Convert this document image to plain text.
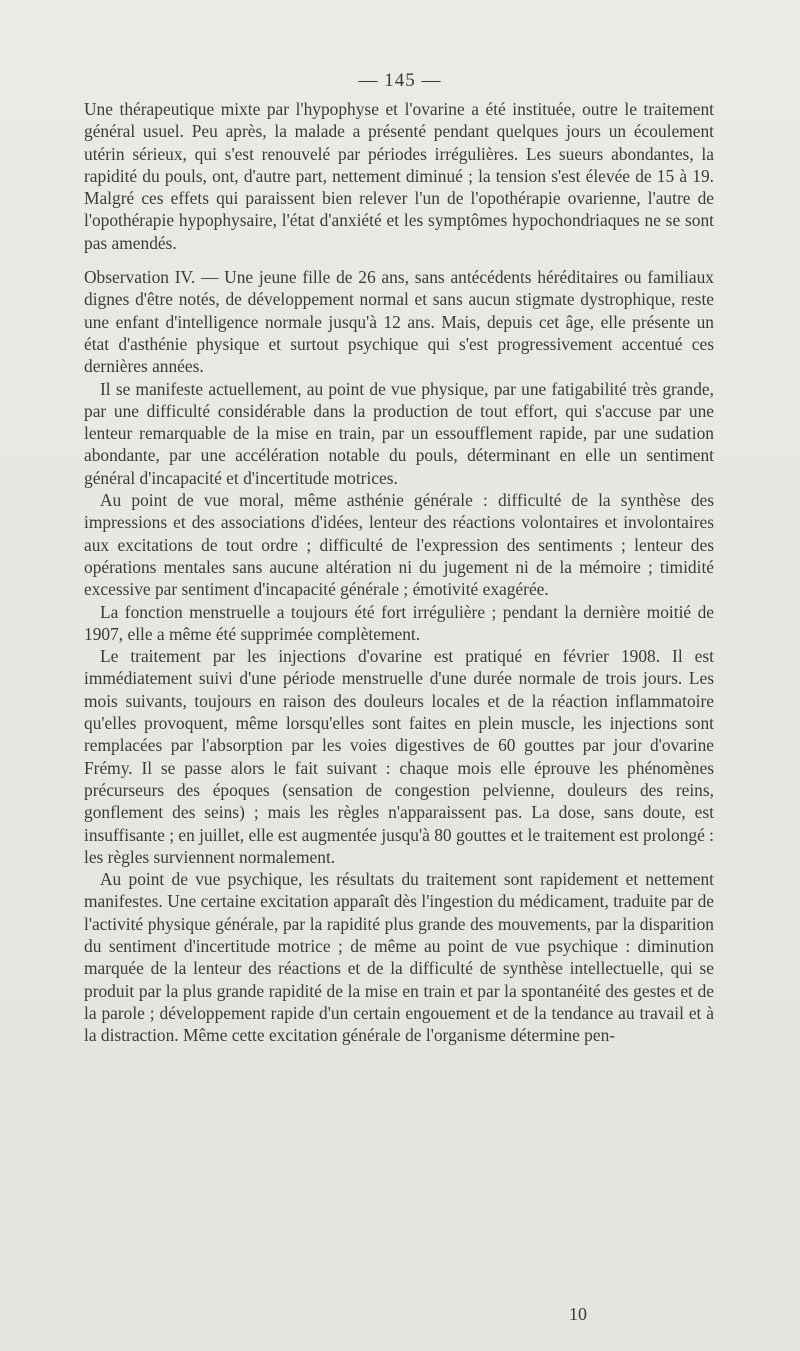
— 145 —

Une thérapeutique mixte par l'hypophyse et l'ovarine a été instituée, outre le traitement général usuel. Peu après, la malade a présenté pendant quelques jours un écoulement utérin sérieux, qui s'est renouvelé par périodes irrégulières. Les sueurs abondantes, la rapidité du pouls, ont, d'autre part, nettement diminué ; la tension s'est élevée de 15 à 19. Malgré ces effets qui paraissent bien relever l'un de l'opothérapie ovarienne, l'autre de l'opothérapie hypophysaire, l'état d'anxiété et les symptômes hypochondriaques ne se sont pas amendés.

Observation IV. — Une jeune fille de 26 ans, sans antécédents héréditaires ou familiaux dignes d'être notés, de développement normal et sans aucun stigmate dystrophique, reste une enfant d'intelligence normale jusqu'à 12 ans. Mais, depuis cet âge, elle présente un état d'asthénie physique et surtout psychique qui s'est progressivement accentué ces dernières années.

Il se manifeste actuellement, au point de vue physique, par une fatigabilité très grande, par une difficulté considérable dans la production de tout effort, qui s'accuse par une lenteur remarquable de la mise en train, par un essoufflement rapide, par une sudation abondante, par une accélération notable du pouls, déterminant en elle un sentiment général d'incapacité et d'incertitude motrices.

Au point de vue moral, même asthénie générale : difficulté de la synthèse des impressions et des associations d'idées, lenteur des réactions volontaires et involontaires aux excitations de tout ordre ; difficulté de l'expression des sentiments ; lenteur des opérations mentales sans aucune altération ni du jugement ni de la mémoire ; timidité excessive par sentiment d'incapacité générale ; émotivité exagérée.

La fonction menstruelle a toujours été fort irrégulière ; pendant la dernière moitié de 1907, elle a même été supprimée complètement.

Le traitement par les injections d'ovarine est pratiqué en février 1908. Il est immédiatement suivi d'une période menstruelle d'une durée normale de trois jours. Les mois suivants, toujours en raison des douleurs locales et de la réaction inflammatoire qu'elles provoquent, même lorsqu'elles sont faites en plein muscle, les injections sont remplacées par l'absorption par les voies digestives de 60 gouttes par jour d'ovarine Frémy. Il se passe alors le fait suivant : chaque mois elle éprouve les phénomènes précurseurs des époques (sensation de congestion pelvienne, douleurs des reins, gonflement des seins) ; mais les règles n'apparaissent pas. La dose, sans doute, est insuffisante ; en juillet, elle est augmentée jusqu'à 80 gouttes et le traitement est prolongé : les règles surviennent normalement.

Au point de vue psychique, les résultats du traitement sont rapidement et nettement manifestes. Une certaine excitation apparaît dès l'ingestion du médicament, traduite par de l'activité physique générale, par la rapidité plus grande des mouvements, par la disparition du sentiment d'incertitude motrice ; de même au point de vue psychique : diminution marquée de la lenteur des réactions et de la difficulté de synthèse intellectuelle, qui se produit par la plus grande rapidité de la mise en train et par la spontanéité des gestes et de la parole ; développement rapide d'un certain engouement et de la tendance au travail et à la distraction. Même cette excitation générale de l'organisme détermine pen-

10
